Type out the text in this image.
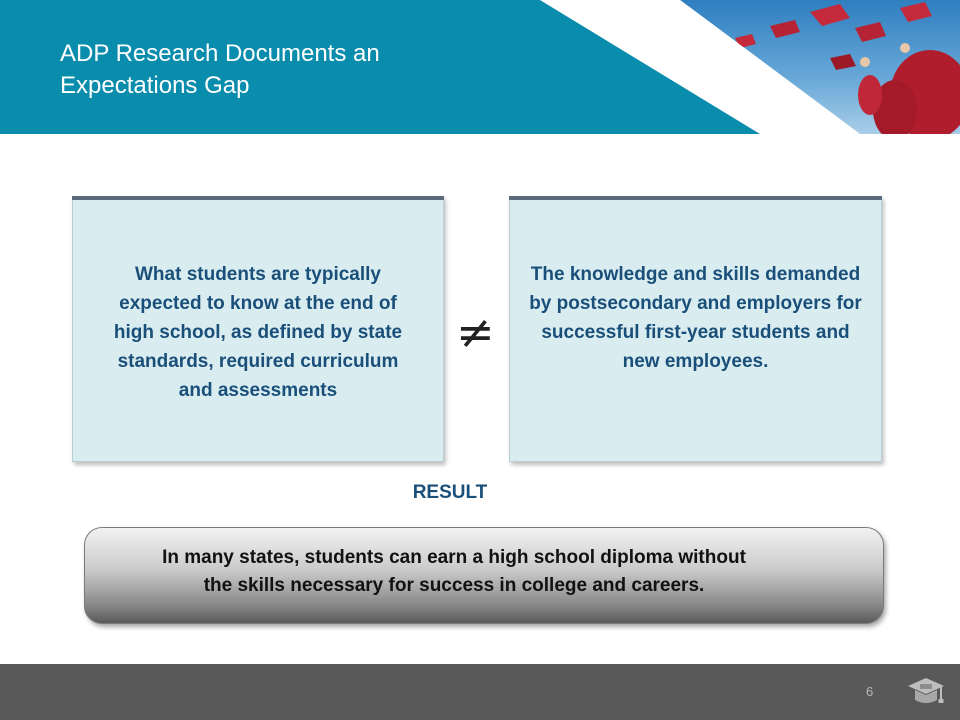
ADP Research Documents an Expectations Gap
What students are typically expected to know at the end of high school, as defined by state standards, required curriculum and assessments
≠
The knowledge and skills demanded by postsecondary and employers for successful first-year students and new employees.
RESULT
In many states, students can earn a high school diploma without the skills necessary for success in college and careers.
6
